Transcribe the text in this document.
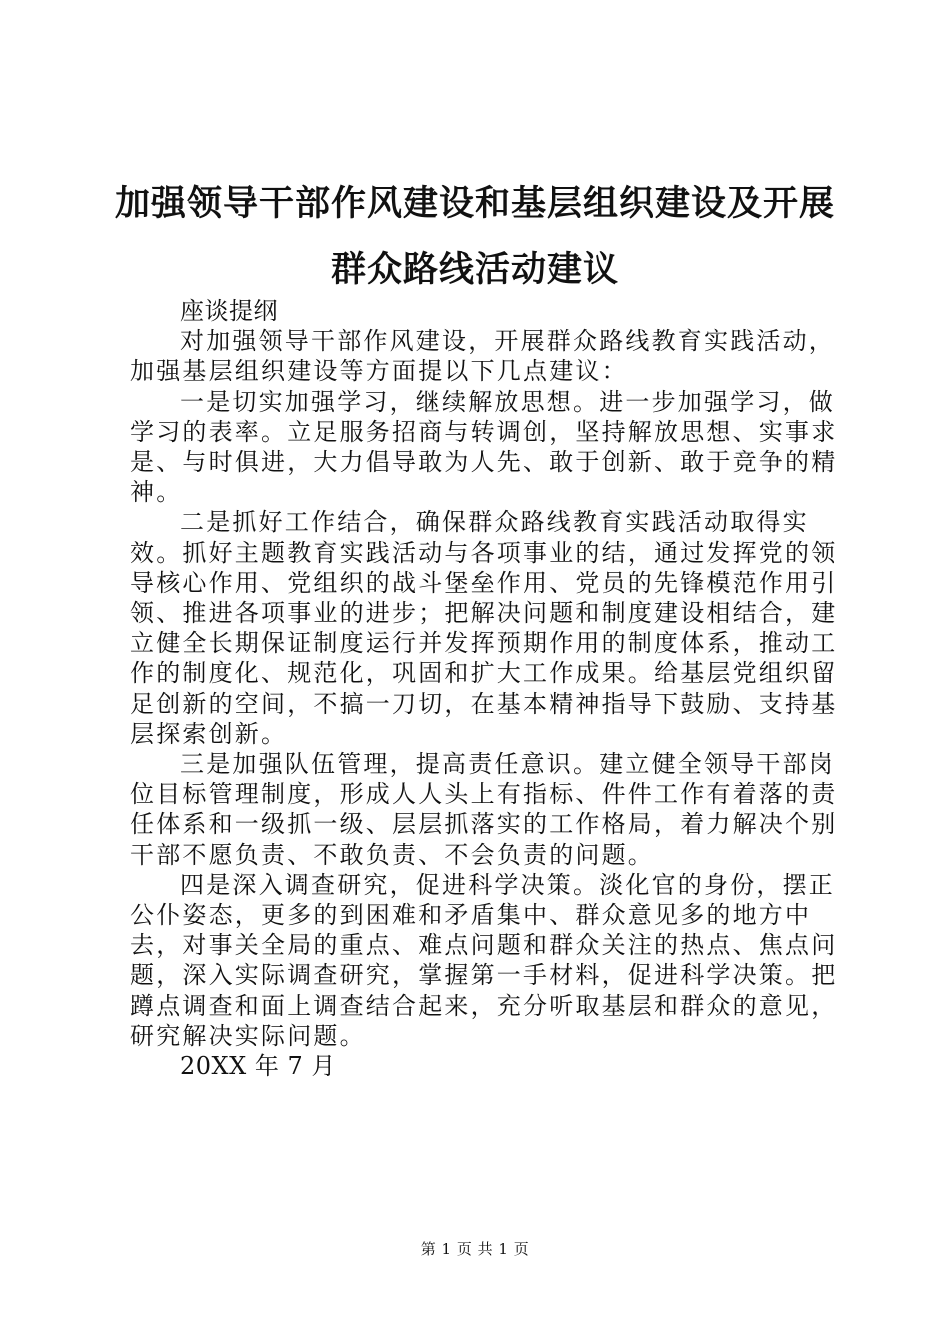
加强领导干部作风建设和基层组织建设及开展
群众路线活动建议

座谈提纲

对加强领导干部作风建设，开展群众路线教育实践活动，加强基层组织建设等方面提以下几点建议：

一是切实加强学习，继续解放思想。进一步加强学习，做学习的表率。立足服务招商与转调创，坚持解放思想、实事求是、与时俱进，大力倡导敢为人先、敢于创新、敢于竞争的精神。

二是抓好工作结合，确保群众路线教育实践活动取得实效。抓好主题教育实践活动与各项事业的结，通过发挥党的领导核心作用、党组织的战斗堡垒作用、党员的先锋模范作用引领、推进各项事业的进步；把解决问题和制度建设相结合，建立健全长期保证制度运行并发挥预期作用的制度体系，推动工作的制度化、规范化，巩固和扩大工作成果。给基层党组织留足创新的空间，不搞一刀切，在基本精神指导下鼓励、支持基层探索创新。

三是加强队伍管理，提高责任意识。建立健全领导干部岗位目标管理制度，形成人人头上有指标、件件工作有着落的责任体系和一级抓一级、层层抓落实的工作格局，着力解决个别干部不愿负责、不敢负责、不会负责的问题。

四是深入调查研究，促进科学决策。淡化官的身份，摆正公仆姿态，更多的到困难和矛盾集中、群众意见多的地方中去，对事关全局的重点、难点问题和群众关注的热点、焦点问题，深入实际调查研究，掌握第一手材料，促进科学决策。把蹲点调查和面上调查结合起来，充分听取基层和群众的意见，研究解决实际问题。

20XX 年 7 月

第 1 页 共 1 页
